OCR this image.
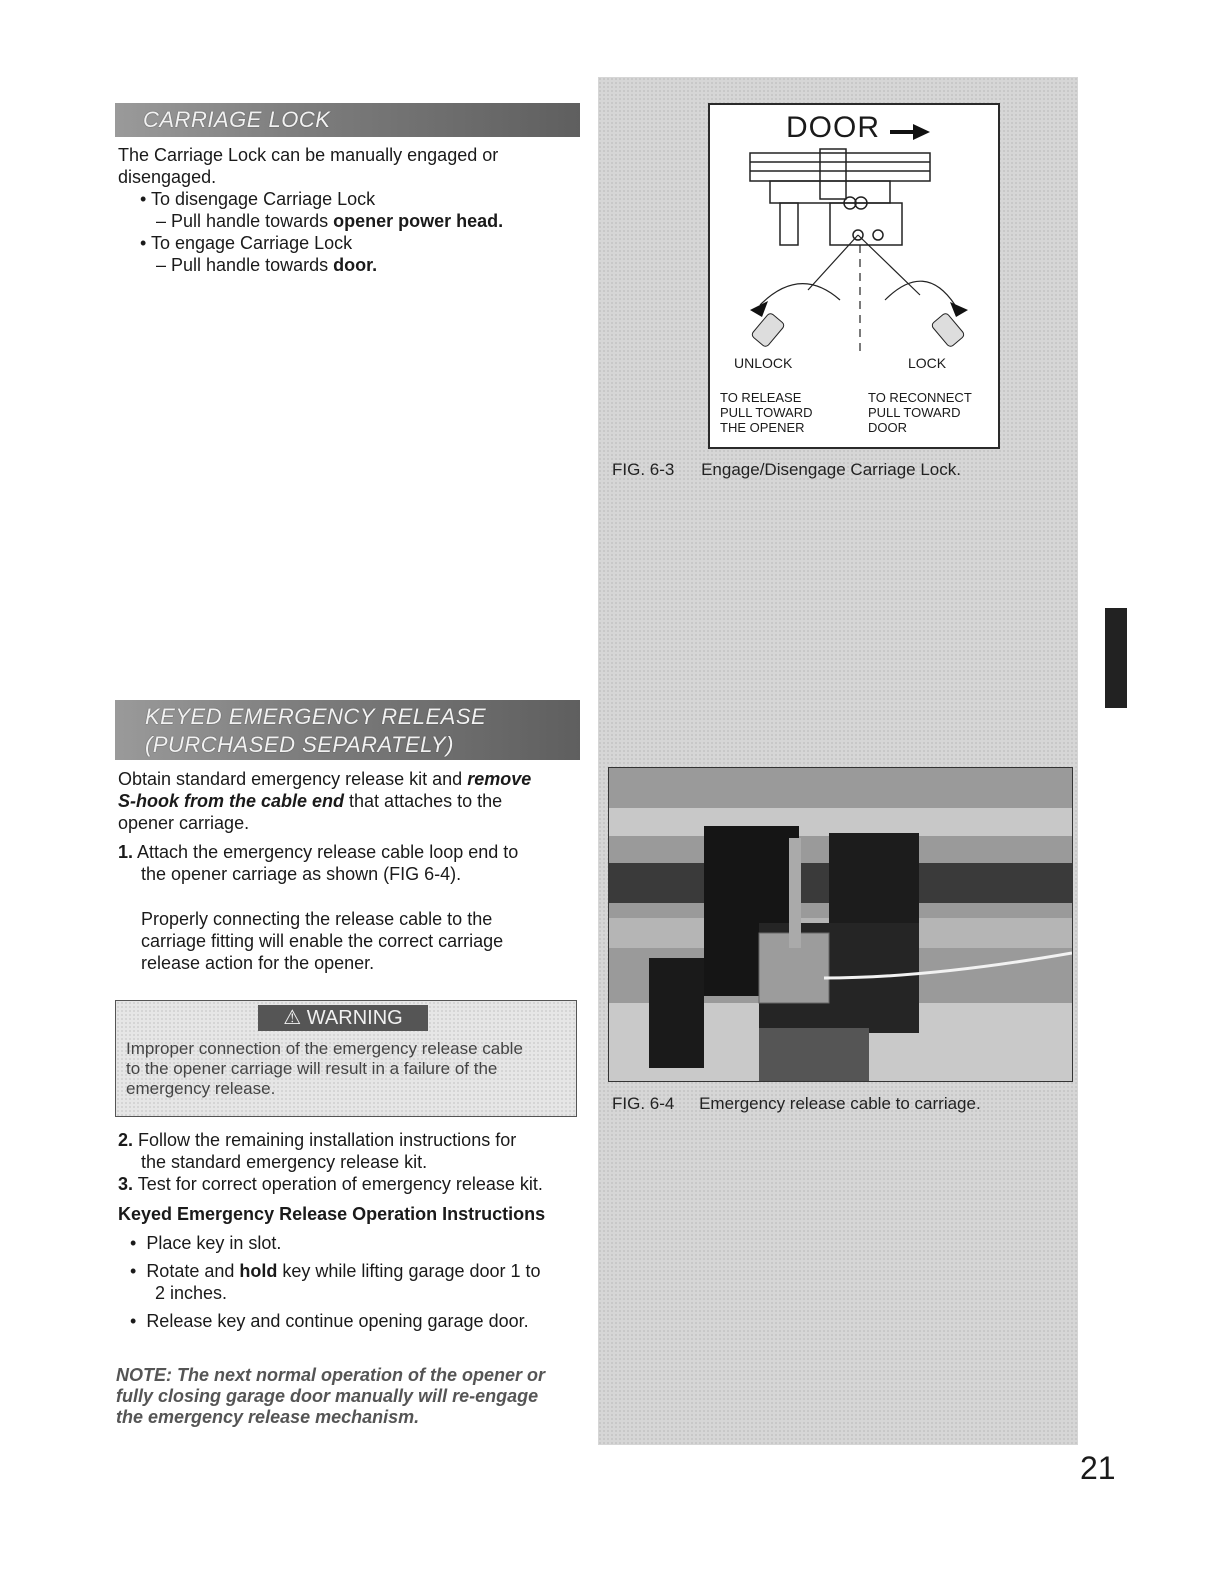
CARRIAGE LOCK
The Carriage Lock can be manually engaged or
disengaged.
• To disengage Carriage Lock
– Pull handle towards opener power head.
• To engage Carriage Lock
– Pull handle towards door.
DOOR
UNLOCK	LOCK
TO RELEASE
PULL TOWARD
THE OPENER
TO RECONNECT
PULL TOWARD
DOOR
FIG. 6-3 Engage/Disengage Carriage Lock.
KEYED EMERGENCY RELEASE
(PURCHASED SEPARATELY)
Obtain standard emergency release kit and remove
S-hook from the cable end that attaches to the
opener carriage.
1. Attach the emergency release cable loop end to
the opener carriage as shown (FIG 6-4).
Properly connecting the release cable to the
carriage fitting will enable the correct carriage
release action for the opener.
⚠ WARNING
Improper connection of the emergency release cable
to the opener carriage will result in a failure of the
emergency release.
2. Follow the remaining installation instructions for
the standard emergency release kit.
3. Test for correct operation of emergency release kit.
Keyed Emergency Release Operation Instructions
•  Place key in slot.
•  Rotate and hold key while lifting garage door 1 to
2 inches.
•  Release key and continue opening garage door.
NOTE: The next normal operation of the opener or
fully closing garage door manually will re-engage
the emergency release mechanism.
FIG. 6-4 Emergency release cable to carriage.
21
